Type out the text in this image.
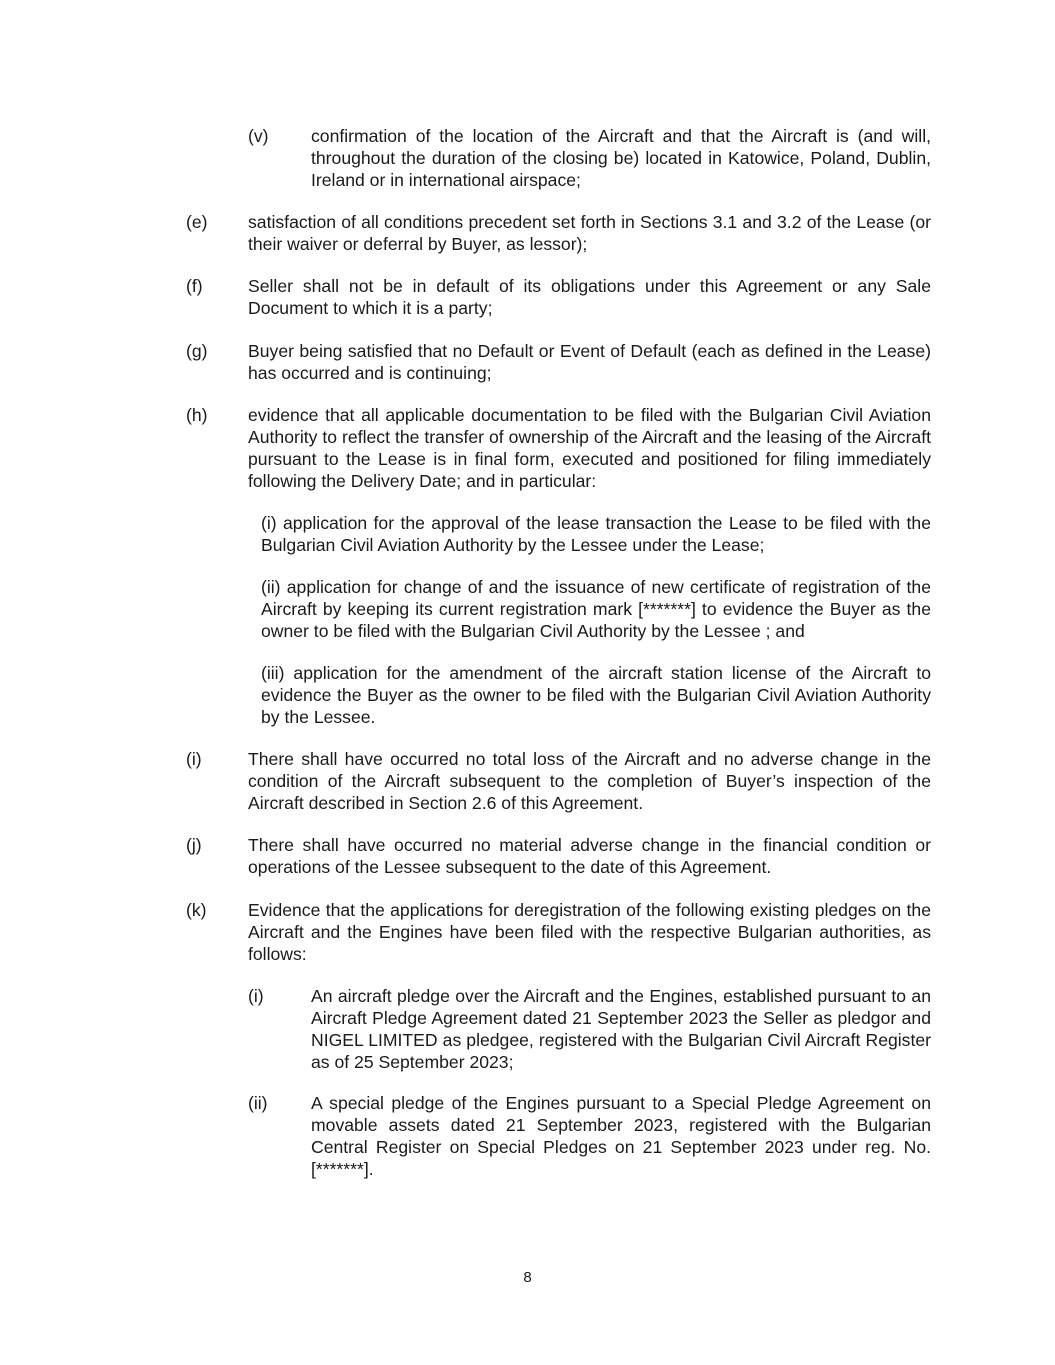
(v) confirmation of the location of the Aircraft and that the Aircraft is (and will, throughout the duration of the closing be) located in Katowice, Poland, Dublin, Ireland or in international airspace;
(e) satisfaction of all conditions precedent set forth in Sections 3.1 and 3.2 of the Lease (or their waiver or deferral by Buyer, as lessor);
(f)	Seller shall not be in default of its obligations under this Agreement or any Sale Document to which it is a party;
(g) Buyer being satisfied that no Default or Event of Default (each as defined in the Lease) has occurred and is continuing;
(h) evidence that all applicable documentation to be filed with the Bulgarian Civil Aviation Authority to reflect the transfer of ownership of the Aircraft and the leasing of the Aircraft pursuant to the Lease is in final form, executed and positioned for filing immediately following the Delivery Date; and in particular:
(i) application for the approval of the lease transaction the Lease to be filed with the Bulgarian Civil Aviation Authority by the Lessee under the Lease;
(ii) application for change of and the issuance of new certificate of registration of the Aircraft by keeping its current registration mark [*******] to evidence the Buyer as the owner to be filed with the Bulgarian Civil Authority by the Lessee ; and
(iii) application for the amendment of the aircraft station license of the Aircraft to evidence the Buyer as the owner to be filed with the Bulgarian Civil Aviation Authority by the Lessee.
(i)	There shall have occurred no total loss of the Aircraft and no adverse change in the condition of the Aircraft subsequent to the completion of Buyer’s inspection of the Aircraft described in Section 2.6 of this Agreement.
(j)	There shall have occurred no material adverse change in the financial condition or operations of the Lessee subsequent to the date of this Agreement.
(k) Evidence that the applications for deregistration of the following existing pledges on the Aircraft and the Engines have been filed with the respective Bulgarian authorities, as follows:
(i)	An aircraft pledge over the Aircraft and the Engines, established pursuant to an Aircraft Pledge Agreement dated 21 September 2023 the Seller as pledgor and NIGEL LIMITED as pledgee, registered with the Bulgarian Civil Aircraft Register as of 25 September 2023;
(ii) A special pledge of the Engines pursuant to a Special Pledge Agreement on movable assets dated 21 September 2023, registered with the Bulgarian Central Register on Special Pledges on 21 September 2023 under reg. No. [*******].
8
